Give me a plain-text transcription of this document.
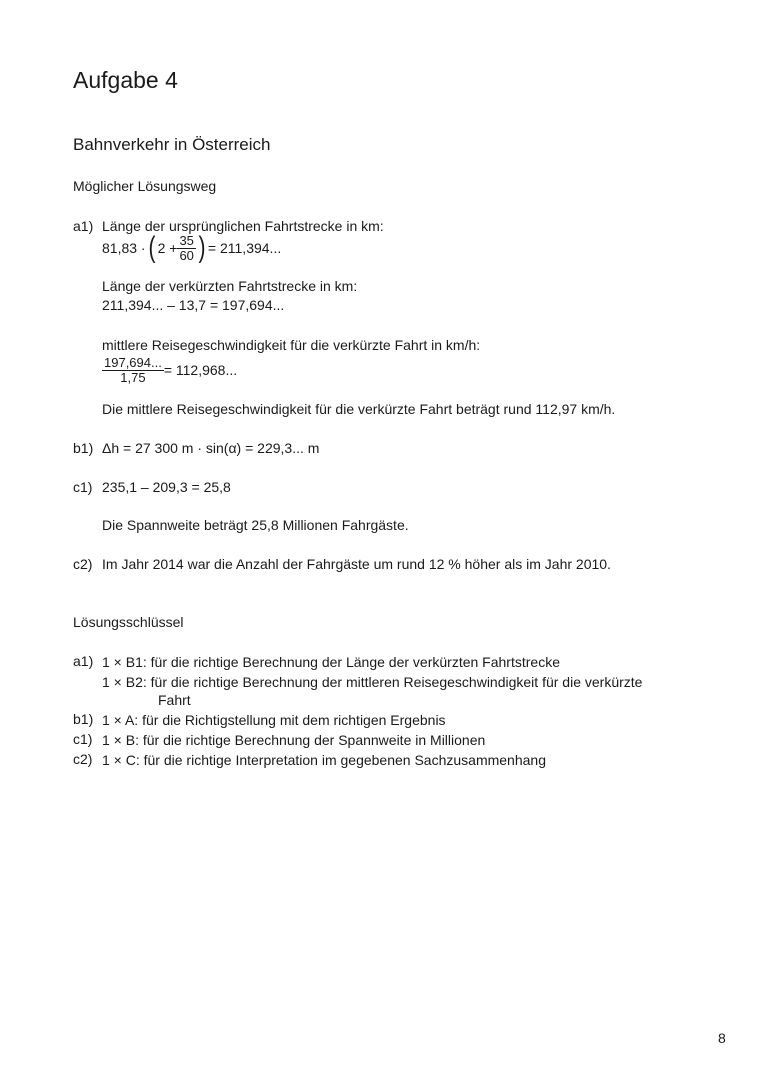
Aufgabe 4
Bahnverkehr in Österreich
Möglicher Lösungsweg
a1) Länge der ursprünglichen Fahrtstrecke in km:
81,83 · ( $2 + \frac{35}{60}$ ) = 211,394...
Länge der verkürzten Fahrtstrecke in km:
211,394... – 13,7 = 197,694...
mittlere Reisegeschwindigkeit für die verkürzte Fahrt in km/h:
$\frac{197,694...}{1,75} = 112,968$...
Die mittlere Reisegeschwindigkeit für die verkürzte Fahrt beträgt rund 112,97 km/h.
b1) Δh = 27 300 m · sin(α) = 229,3... m
c1) 235,1 – 209,3 = 25,8
Die Spannweite beträgt 25,8 Millionen Fahrgäste.
c2) Im Jahr 2014 war die Anzahl der Fahrgäste um rund 12 % höher als im Jahr 2010.
Lösungsschlüssel
a1) 1 × B1: für die richtige Berechnung der Länge der verkürzten Fahrtstrecke
1 × B2: für die richtige Berechnung der mittleren Reisegeschwindigkeit für die verkürzte
Fahrt
b1) 1 × A: für die Richtigstellung mit dem richtigen Ergebnis
c1) 1 × B: für die richtige Berechnung der Spannweite in Millionen
c2) 1 × C: für die richtige Interpretation im gegebenen Sachzusammenhang
8
